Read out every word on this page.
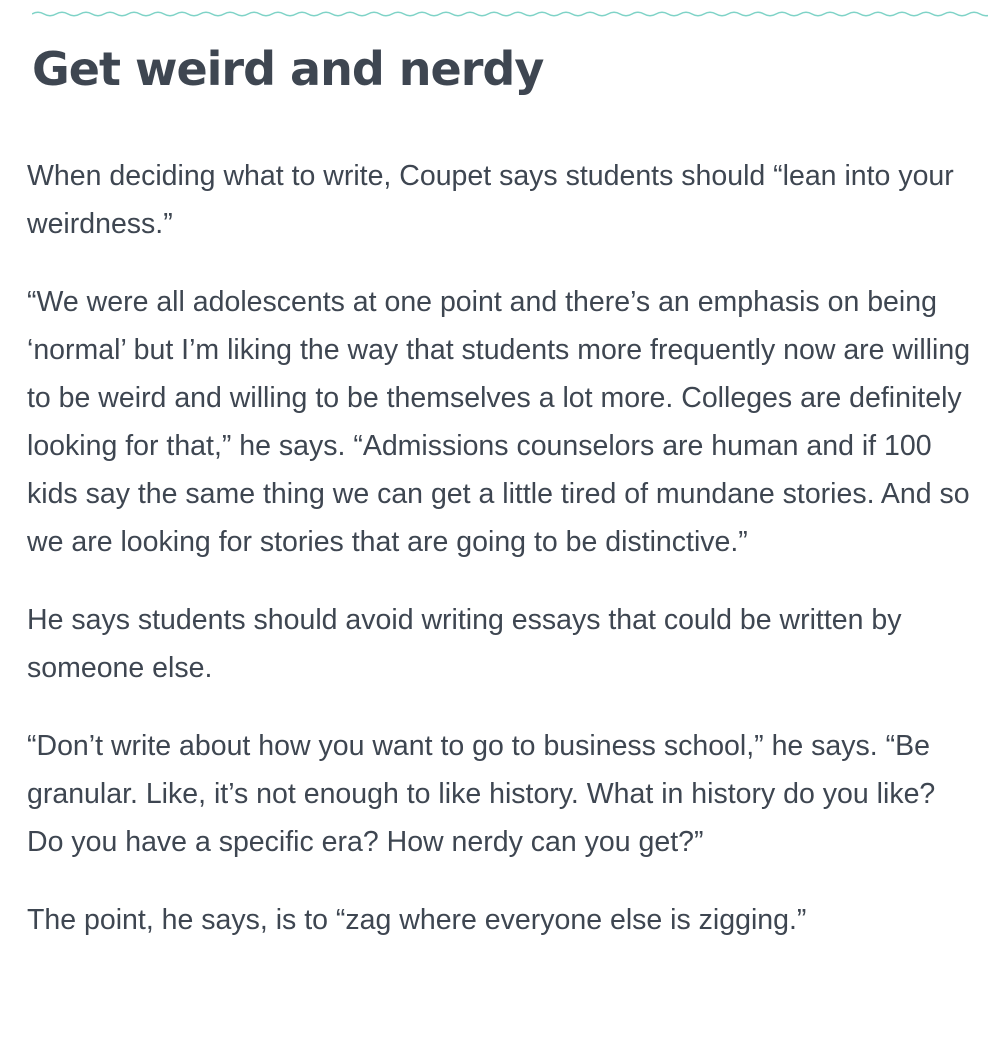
Get weird and nerdy

When deciding what to write, Coupet says students should “lean into your weirdness.”

“We were all adolescents at one point and there’s an emphasis on being ‘normal’ but I’m liking the way that students more frequently now are willing to be weird and willing to be themselves a lot more. Colleges are definitely looking for that,” he says. “Admissions counselors are human and if 100 kids say the same thing we can get a little tired of mundane stories. And so we are looking for stories that are going to be distinctive.”

He says students should avoid writing essays that could be written by someone else.

“Don’t write about how you want to go to business school,” he says. “Be granular. Like, it’s not enough to like history. What in history do you like? Do you have a specific era? How nerdy can you get?”

The point, he says, is to “zag where everyone else is zigging.”
